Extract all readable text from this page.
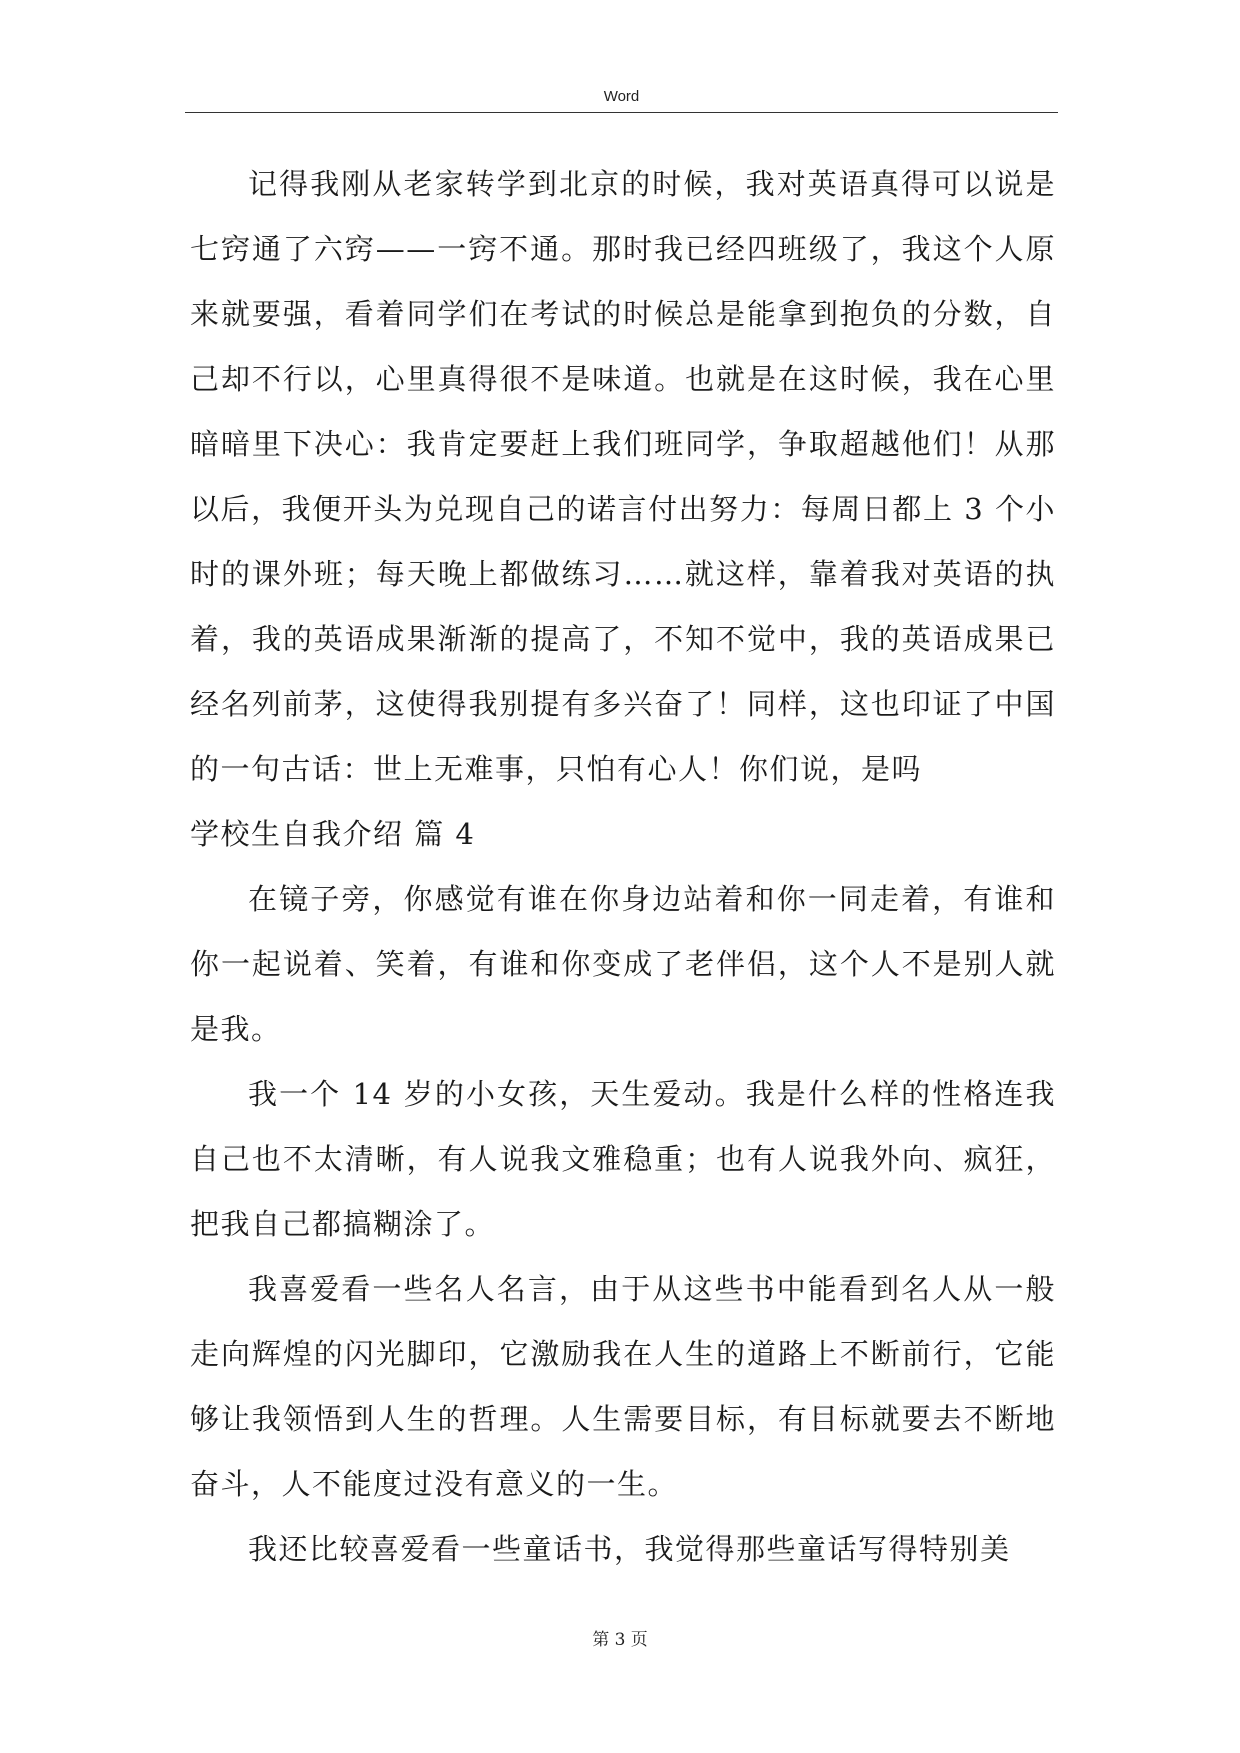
Word

记得我刚从老家转学到北京的时候，我对英语真得可以说是七窍通了六窍——一窍不通。那时我已经四班级了，我这个人原来就要强，看着同学们在考试的时候总是能拿到抱负的分数，自己却不行以，心里真得很不是味道。也就是在这时候，我在心里暗暗里下决心：我肯定要赶上我们班同学，争取超越他们！从那以后，我便开头为兑现自己的诺言付出努力：每周日都上 3 个小时的课外班；每天晚上都做练习……就这样，靠着我对英语的执着，我的英语成果渐渐的提高了，不知不觉中，我的英语成果已经名列前茅，这使得我别提有多兴奋了！同样，这也印证了中国的一句古话：世上无难事，只怕有心人！你们说，是吗

学校生自我介绍 篇 4

在镜子旁，你感觉有谁在你身边站着和你一同走着，有谁和你一起说着、笑着，有谁和你变成了老伴侣，这个人不是别人就是我。

我一个 14 岁的小女孩，天生爱动。我是什么样的性格连我自己也不太清晰，有人说我文雅稳重；也有人说我外向、疯狂，把我自己都搞糊涂了。

我喜爱看一些名人名言，由于从这些书中能看到名人从一般走向辉煌的闪光脚印，它激励我在人生的道路上不断前行，它能够让我领悟到人生的哲理。人生需要目标，有目标就要去不断地奋斗，人不能度过没有意义的一生。

我还比较喜爱看一些童话书，我觉得那些童话写得特别美

第 3 页
